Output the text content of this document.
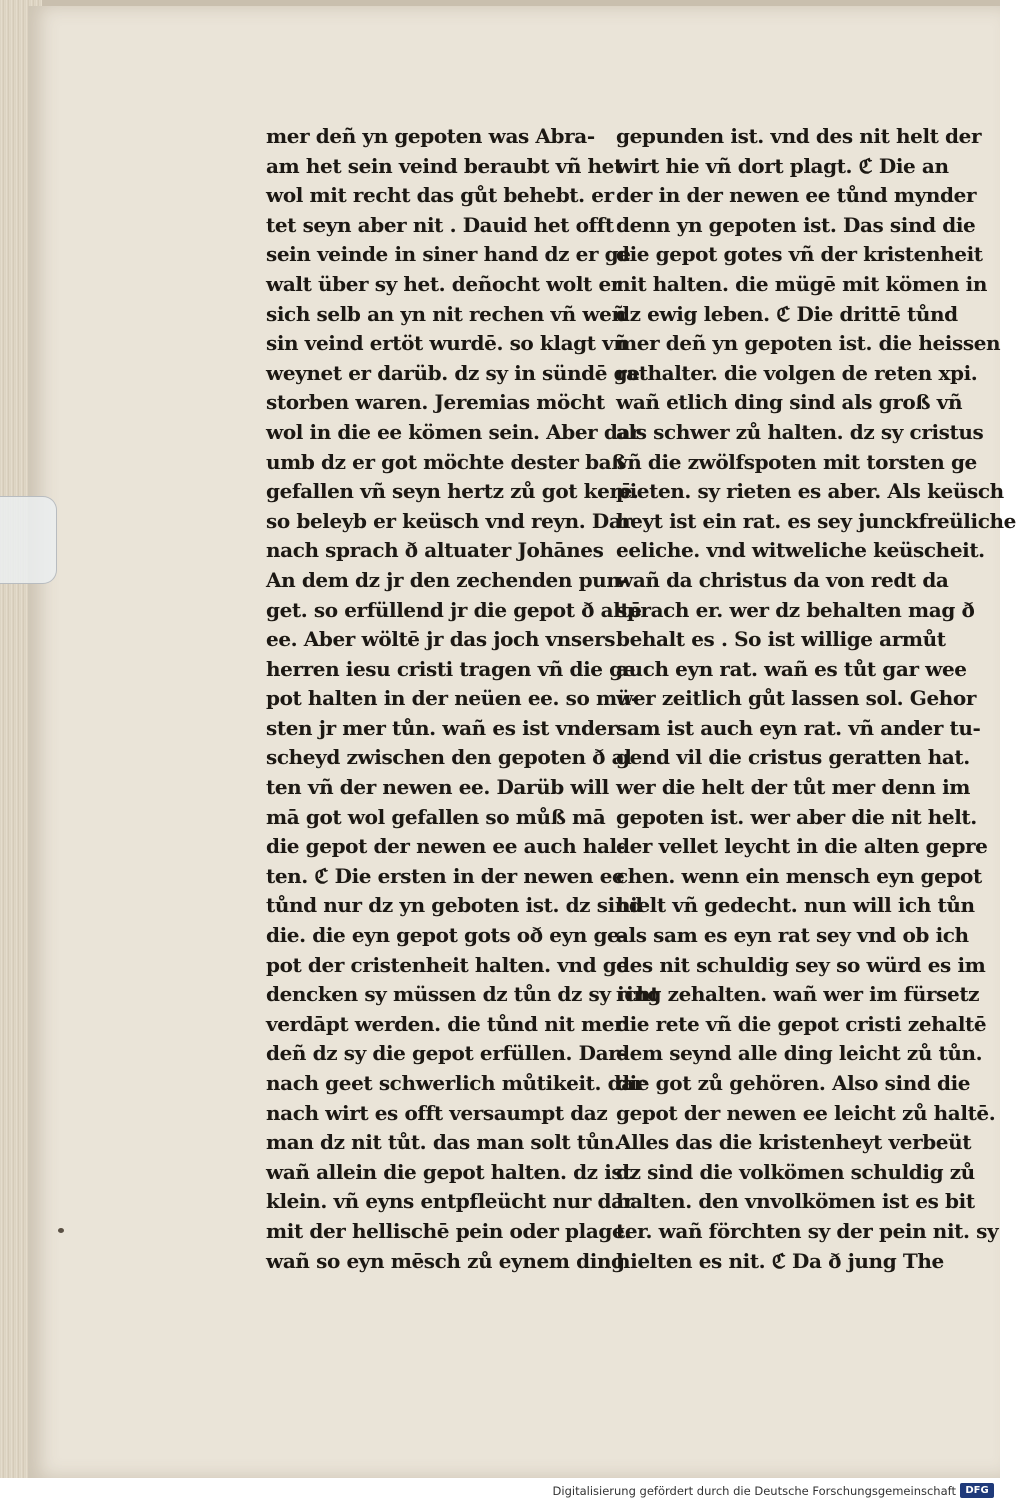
mer deñ yn gepoten was Abra-
am het sein veind beraubt vñ het
wol mit recht das gůt behebt. er
tet seyn aber nit . Dauid het offt
sein veinde in siner hand dz er ge
walt über sy het. deñocht wolt er
sich selb an yn nit rechen vñ weñ
sin veind ertöt wurdē. so klagt vñ
weynet er darüb. dz sy in sündē ge
storben waren. Jeremias möcht
wol in die ee kömen sein. Aber dar
umb dz er got möchte dester baß
gefallen vñ seyn hertz zů got kerē.
so beleyb er keüsch vnd reyn. Dar
nach sprach ð altuater Johānes
An dem dz jr den zechenden pun-
get. so erfüllend jr die gepot ð altē
ee. Aber wöltē jr das joch vnsers
herren iesu cristi tragen vñ die ge
pot halten in der neüen ee. so mü-
sten jr mer tůn. wañ es ist vnder-
scheyd zwischen den gepoten ð al
ten vñ der newen ee. Darüb will
mā got wol gefallen so můß mā
die gepot der newen ee auch hal-
ten. ℭ Die ersten in der newen ee
tůnd nur dz yn geboten ist. dz sind
die. die eyn gepot gots oð eyn ge-
pot der cristenheit halten. vnd ge
dencken sy müssen dz tůn dz sy icht
verdāpt werden. die tůnd nit mer
deñ dz sy die gepot erfüllen. Dar-
nach geet schwerlich můtikeit. dar
nach wirt es offt versaumpt daz
man dz nit tůt. das man solt tůn.
wañ allein die gepot halten. dz ist
klein. vñ eyns entpfleücht nur dar
mit der hellischē pein oder plage.
wañ so eyn mēsch zů eynem ding
gepunden ist. vnd des nit helt der
wirt hie vñ dort plagt. ℭ Die an
der in der newen ee tůnd mynder
denn yn gepoten ist. Das sind die
die gepot gotes vñ der kristenheit
nit halten. die mügē mit kömen in
dz ewig leben. ℭ Die drittē tůnd
mer deñ yn gepoten ist. die heissen
rathalter. die volgen de reten xpi.
wañ etlich ding sind als groß vñ
als schwer zů halten. dz sy cristus
vñ die zwölfspoten mit torsten ge
pieten. sy rieten es aber. Als keüsch
heyt ist ein rat. es sey junckfreüliche
eeliche. vnd witweliche keüscheit.
wañ da christus da von redt da
sprach er. wer dz behalten mag ð
behalt es . So ist willige armůt
auch eyn rat. wañ es tůt gar wee
wer zeitlich gůt lassen sol. Gehor
sam ist auch eyn rat. vñ ander tu-
gend vil die cristus geratten hat.
wer die helt der tůt mer denn im
gepoten ist. wer aber die nit helt.
der vellet leycht in die alten gepre
chen. wenn ein mensch eyn gepot
hielt vñ gedecht. nun will ich tůn
als sam es eyn rat sey vnd ob ich
des nit schuldig sey so würd es im
ring zehalten. wañ wer im fürsetz
die rete vñ die gepot cristi zehaltē
dem seynd alle ding leicht zů tůn.
die got zů gehören. Also sind die
gepot der newen ee leicht zů haltē.
Alles das die kristenheyt verbeüt
dz sind die volkömen schuldig zů
halten. den vnvolkömen ist es bit
ter. wañ förchten sy der pein nit. sy
hielten es nit. ℭ Da ð jung The
Digitalisierung gefördert durch die Deutsche Forschungsgemeinschaft DFG
